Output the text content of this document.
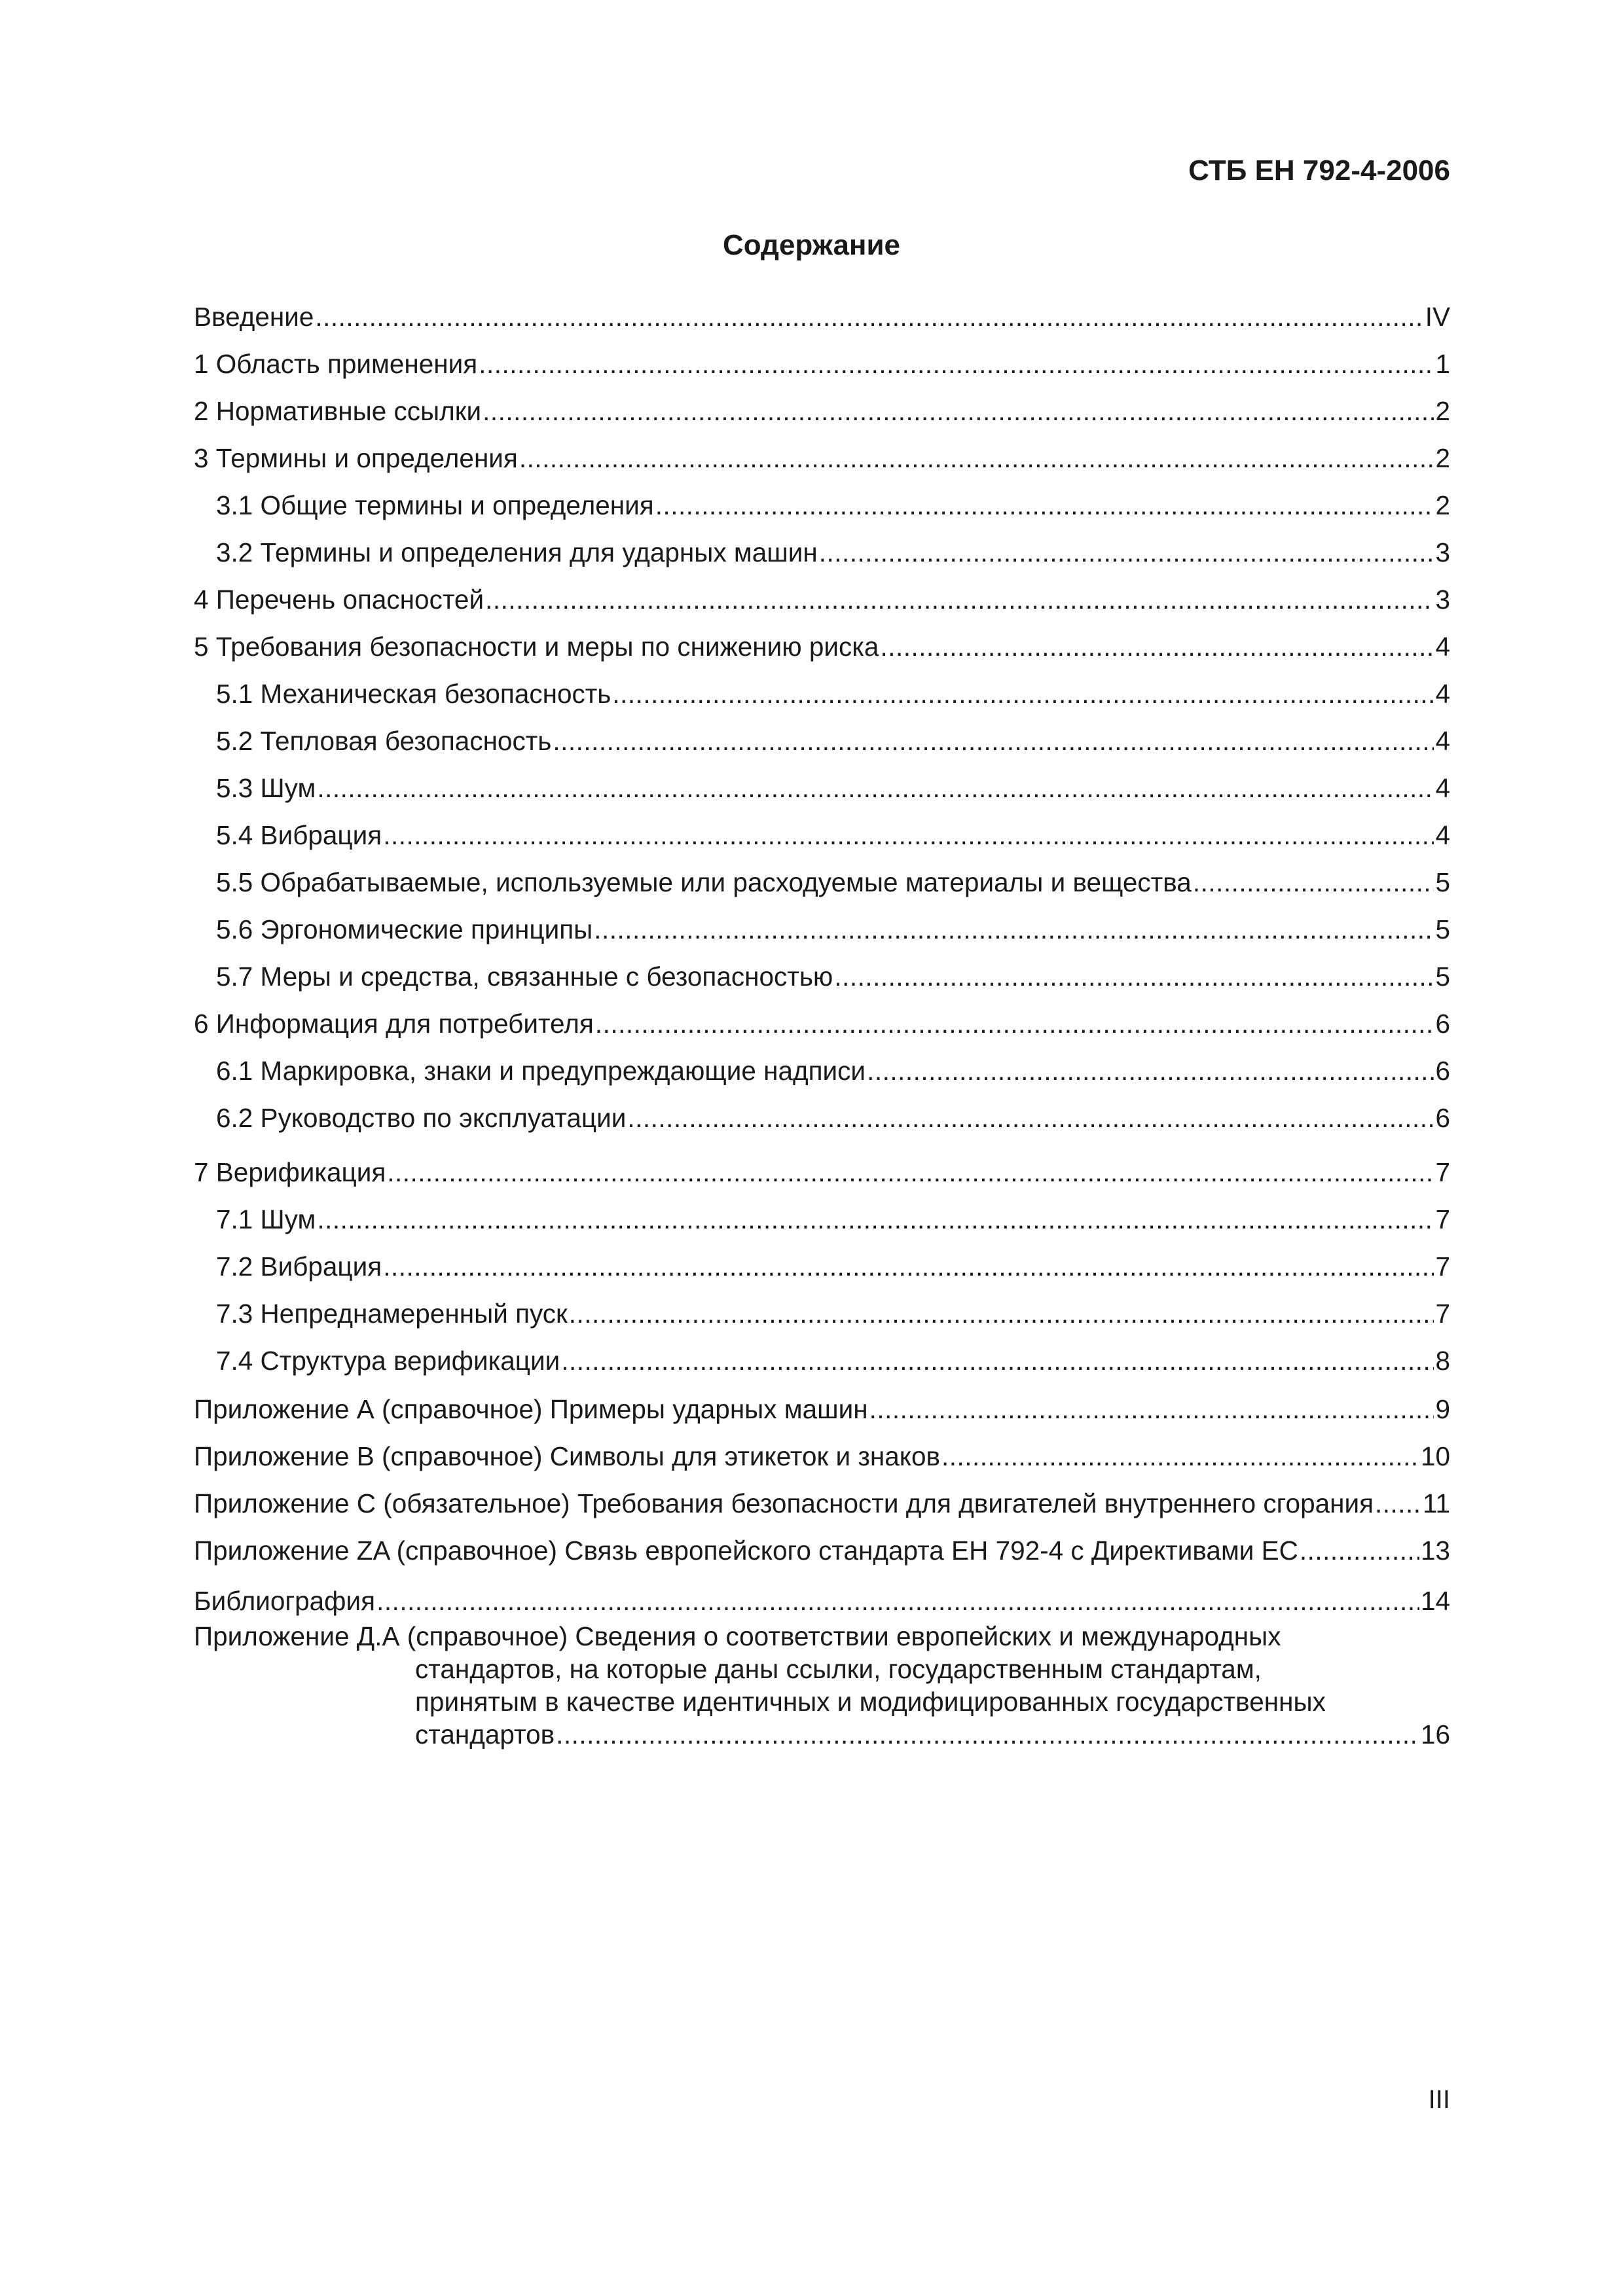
СТБ ЕН 792-4-2006
Содержание
Введение .....	IV
1 Область применения .....	1
2 Нормативные ссылки .....	2
3 Термины и определения .....	2
3.1 Общие термины и определения .....	2
3.2 Термины и определения для ударных машин .....	3
4 Перечень опасностей .....	3
5 Требования безопасности и меры по снижению риска .....	4
5.1 Механическая безопасность .....	4
5.2 Тепловая безопасность .....	4
5.3 Шум .....	4
5.4 Вибрация .....	4
5.5 Обрабатываемые, используемые или расходуемые материалы и вещества .....	5
5.6 Эргономические принципы .....	5
5.7 Меры и средства, связанные с безопасностью .....	5
6 Информация для потребителя .....	6
6.1 Маркировка, знаки и предупреждающие надписи .....	6
6.2 Руководство по эксплуатации .....	6
7 Верификация .....	7
7.1 Шум .....	7
7.2 Вибрация .....	7
7.3 Непреднамеренный пуск .....	7
7.4 Структура верификации .....	8
Приложение А (справочное) Примеры ударных машин .....	9
Приложение В (справочное) Символы для этикеток и знаков .....	10
Приложение С (обязательное) Требования безопасности для двигателей внутреннего сгорания ..... 11
Приложение ZA (справочное) Связь европейского стандарта ЕН 792-4 с Директивами ЕС .....	13
Библиография .....	14
Приложение Д.А (справочное) Сведения о соответствии европейских и международных
стандартов, на которые даны ссылки, государственным стандартам,
принятым в качестве идентичных и модифицированных государственных
стандартов .....	16
III
